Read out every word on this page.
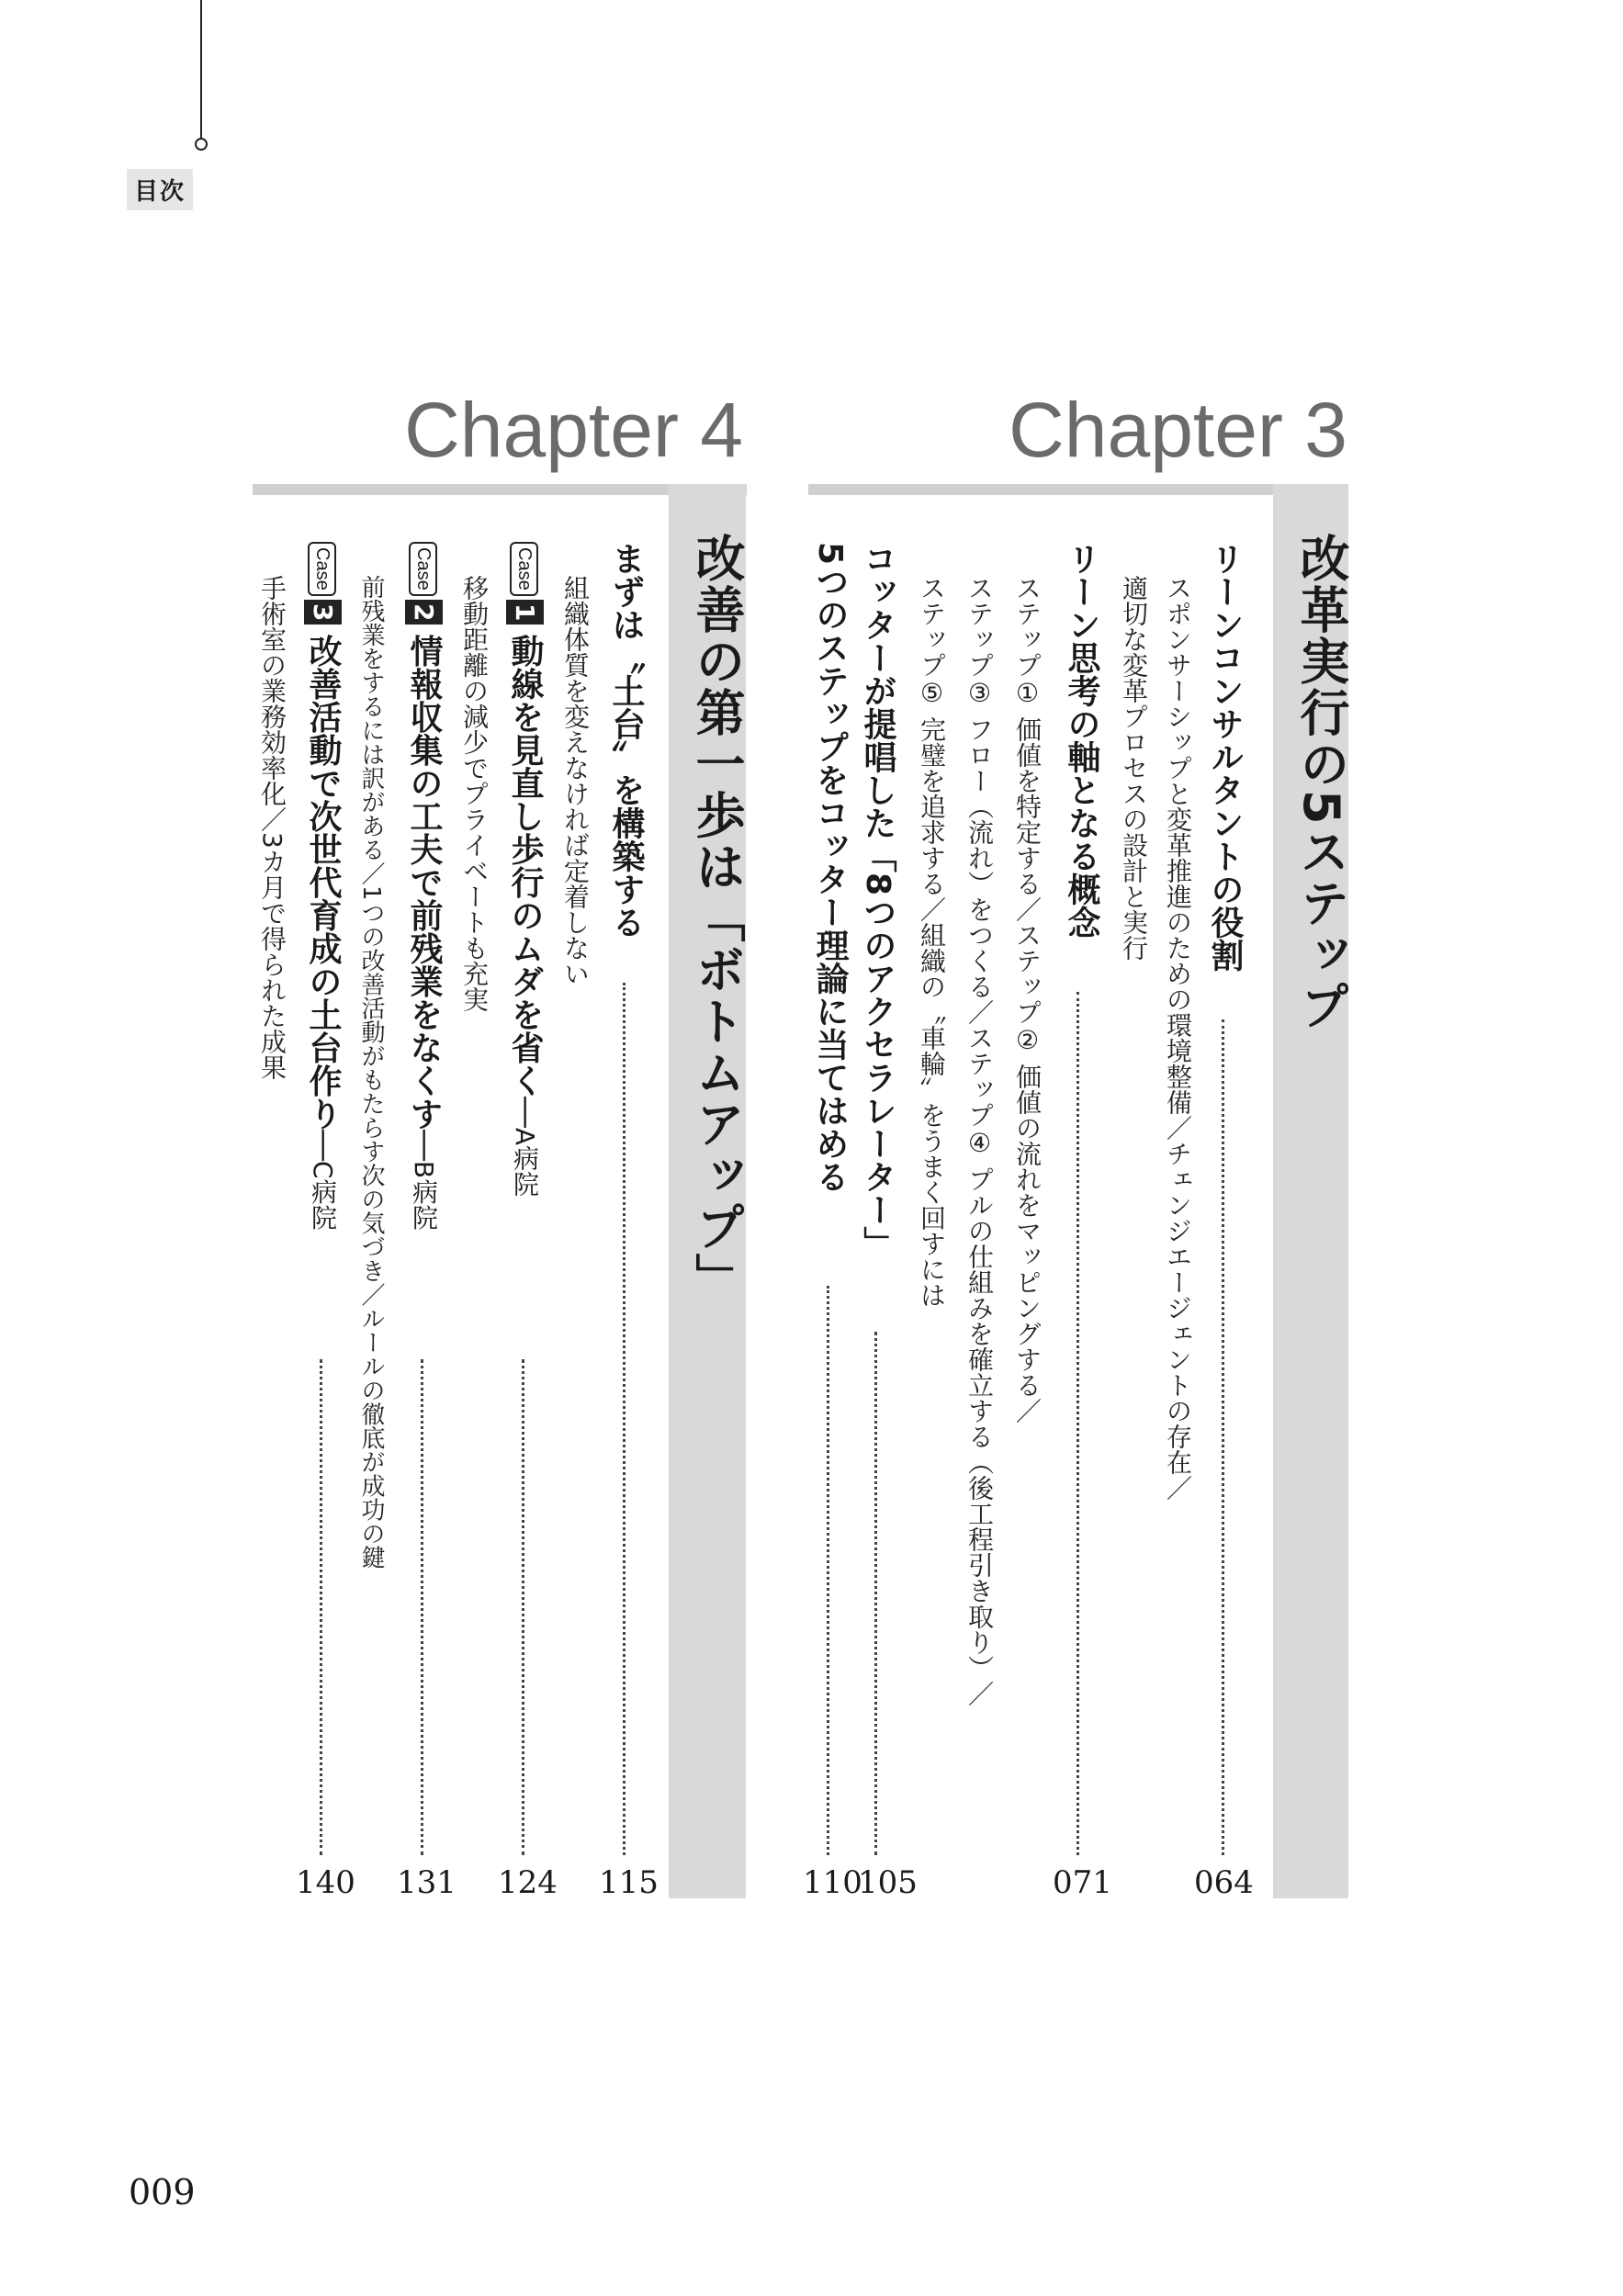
目次
Chapter 3
改革実行の5ステップ
リーンコンサルタントの役割
スポンサーシップと変革推進のための環境整備／チェンジエージェントの存在／
適切な変革プロセスの設計と実行
064
リーン思考の軸となる概念
ステップ① 価値を特定する／ステップ② 価値の流れをマッピングする／
ステップ③ フロー（流れ）をつくる／ステップ④ プルの仕組みを確立する（後工程引き取り）／
ステップ⑤ 完璧を追求する／組織の〝車輪〟をうまく回すには
071
コッターが提唱した「8つのアクセラレーター」
105
5つのステップをコッター理論に当てはめる
110
Chapter 4
改善の第一歩は「ボトムアップ」
まずは〝土台〟を構築する
組織体質を変えなければ定着しない
115
Case1動線を見直し歩行のムダを省く──A病院
移動距離の減少でプライベートも充実
124
Case2情報収集の工夫で前残業をなくす──B病院
前残業をするには訳がある／1つの改善活動がもたらす次の気づき／ルールの徹底が成功の鍵
131
Case3改善活動で次世代育成の土台作り──C病院
手術室の業務効率化／3カ月で得られた成果
140
009
